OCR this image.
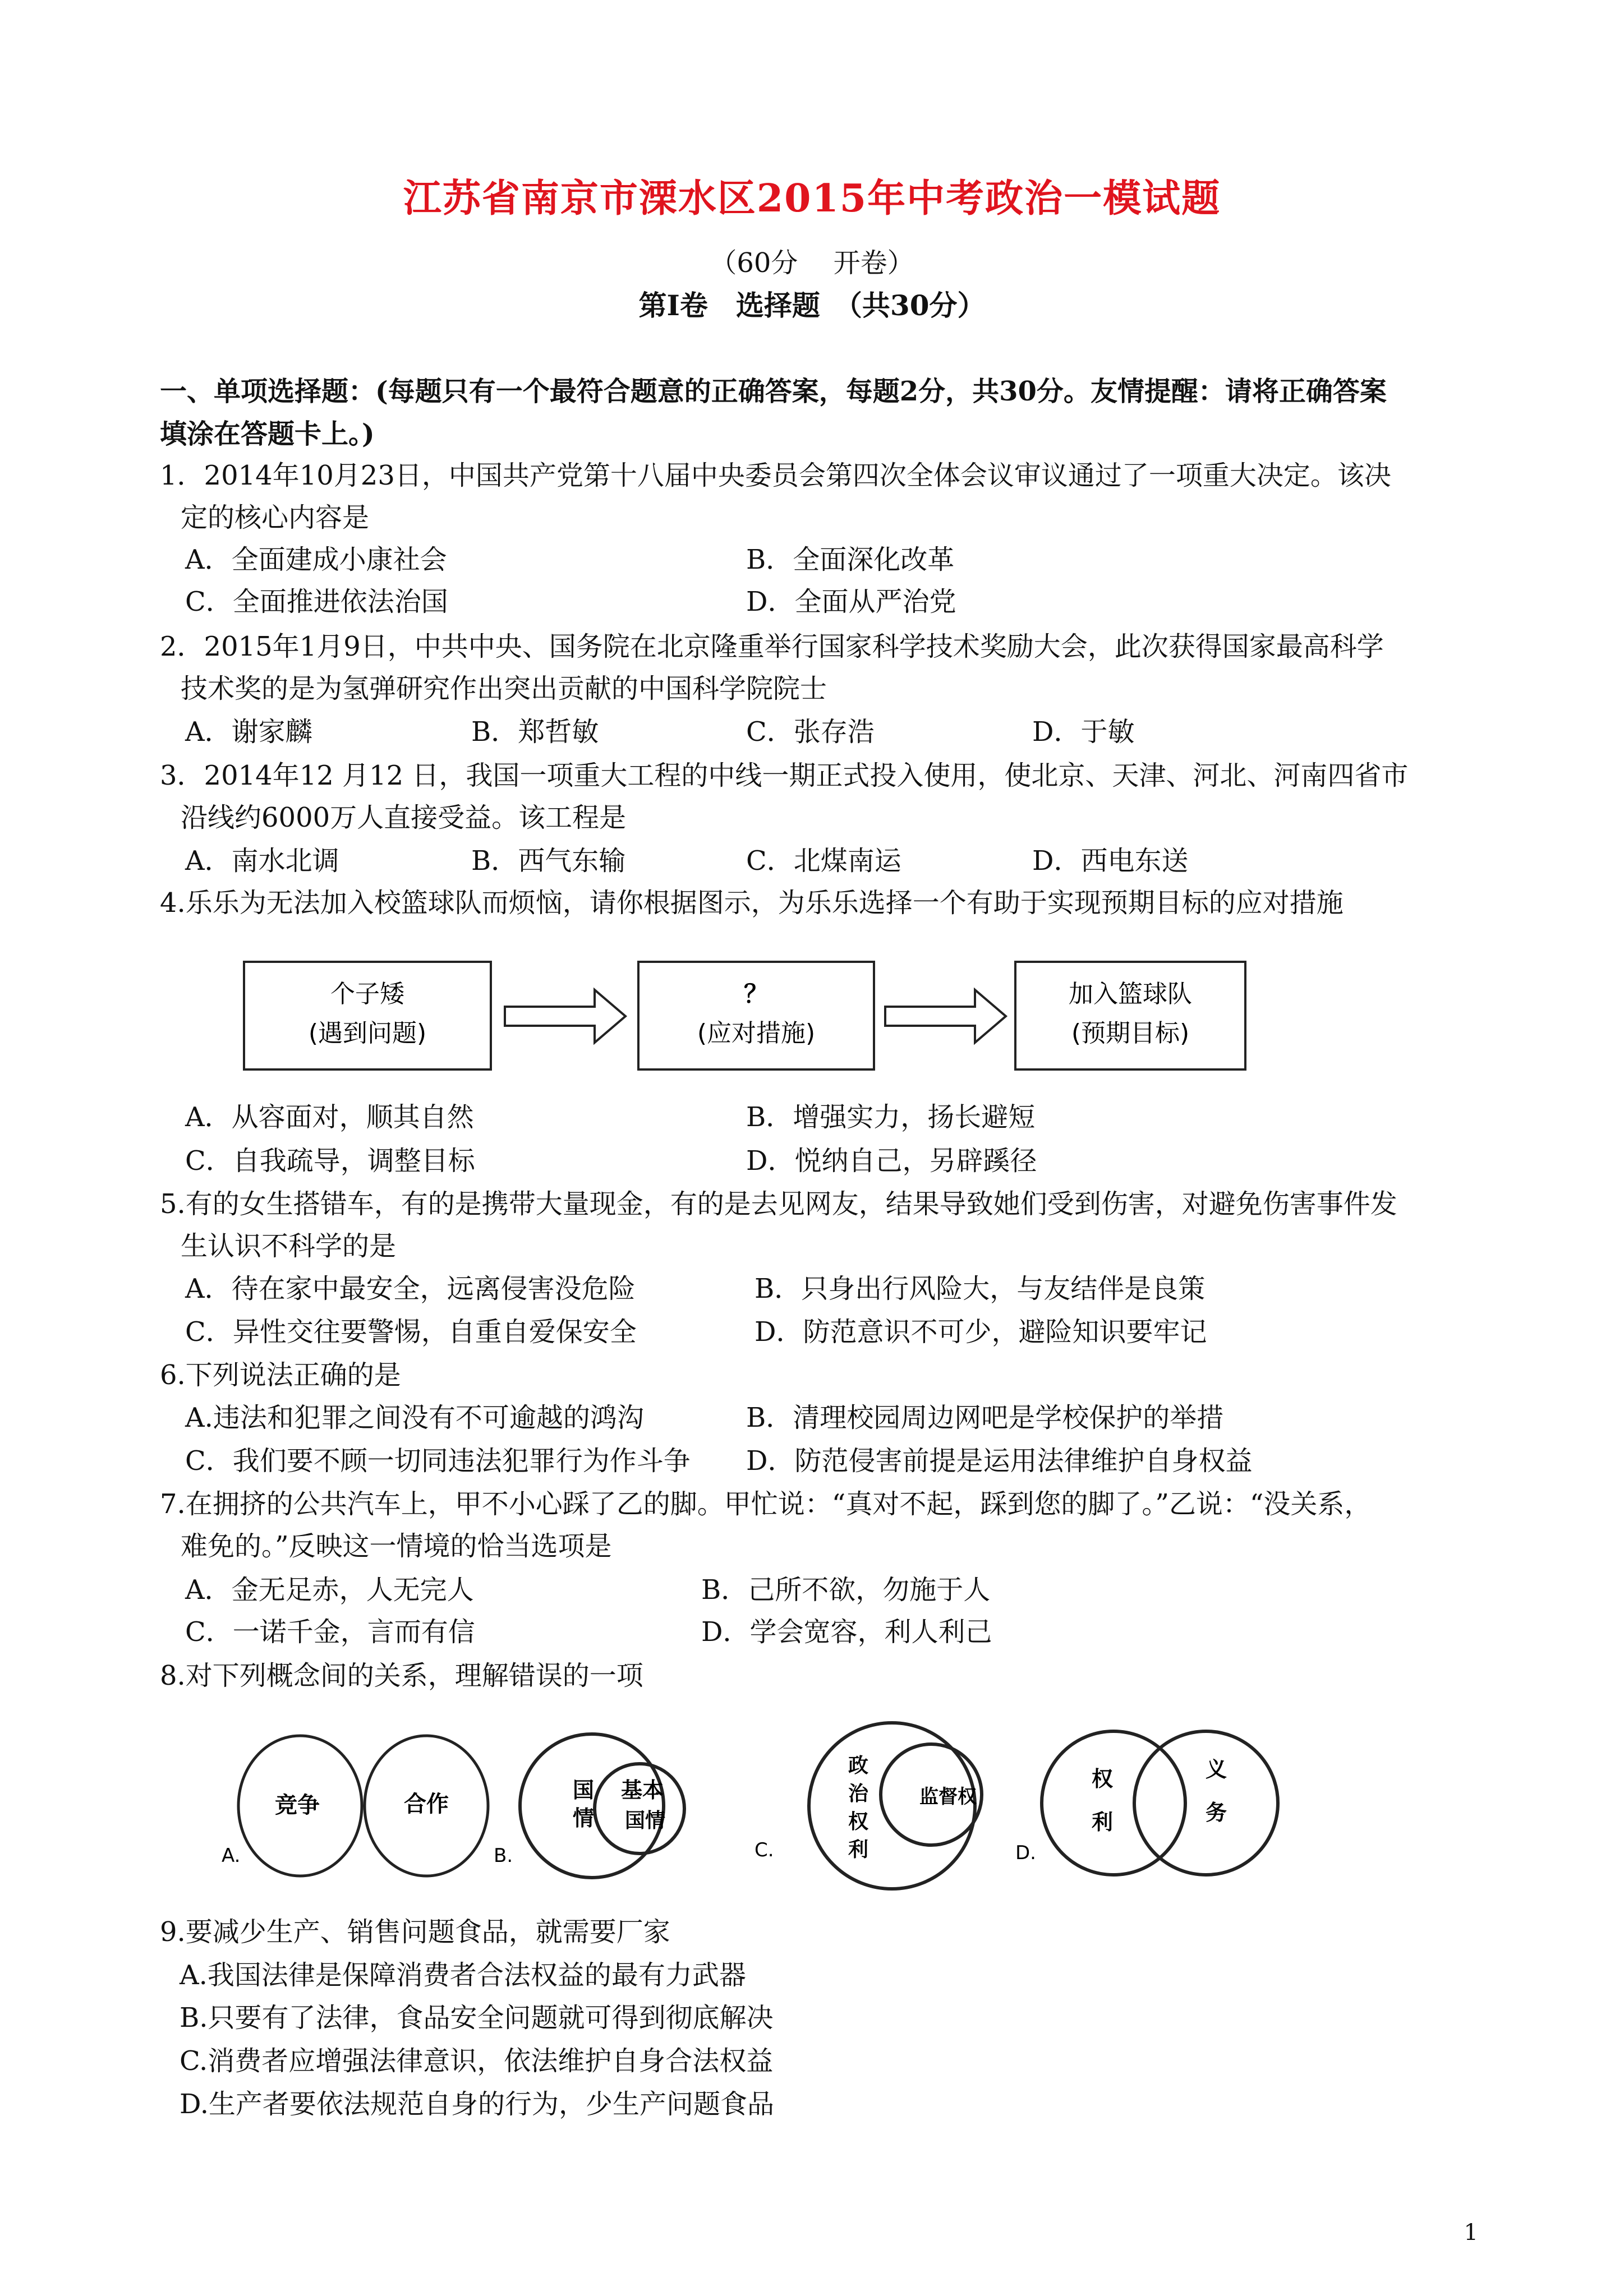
江苏省南京市溧水区2015年中考政治一模试题
（60分　 开卷）
第Ⅰ卷　选择题　（共30分）
一、单项选择题：(每题只有一个最符合题意的正确答案，每题2分，共30分。友情提醒：请将正确答案
填涂在答题卡上。)
1．2014年10月23日，中国共产党第十八届中央委员会第四次全体会议审议通过了一项重大决定。该决
定的核心内容是
A．全面建成小康社会	B．全面深化改革
C．全面推进依法治国	D．全面从严治党
2．2015年1月9日，中共中央、国务院在北京隆重举行国家科学技术奖励大会，此次获得国家最高科学
技术奖的是为氢弹研究作出突出贡献的中国科学院院士
A．谢家麟	B．郑哲敏	C．张存浩	D．于敏
3．2014年12 月12 日，我国一项重大工程的中线一期正式投入使用，使北京、天津、河北、河南四省市
沿线约6000万人直接受益。该工程是
A．南水北调	B．西气东输	C．北煤南运	D．西电东送
4.乐乐为无法加入校篮球队而烦恼，请你根据图示，为乐乐选择一个有助于实现预期目标的应对措施
个子矮
(遇到问题)
？
(应对措施)
加入篮球队
(预期目标)
竞争	合作
A.
国
情
基本
国情
B.
政
治
权
利
监督权
C.
权
利
义
务
D.
A．从容面对，顺其自然	B．增强实力，扬长避短
C．自我疏导，调整目标	D．悦纳自己，另辟蹊径
5.有的女生搭错车，有的是携带大量现金，有的是去见网友，结果导致她们受到伤害，对避免伤害事件发
生认识不科学的是
A．待在家中最安全，远离侵害没危险	B．只身出行风险大，与友结伴是良策
C．异性交往要警惕，自重自爱保安全	D．防范意识不可少，避险知识要牢记
6.下列说法正确的是
A.违法和犯罪之间没有不可逾越的鸿沟	B．清理校园周边网吧是学校保护的举措
C．我们要不顾一切同违法犯罪行为作斗争 D．防范侵害前提是运用法律维护自身权益
7.在拥挤的公共汽车上，甲不小心踩了乙的脚。甲忙说：“真对不起，踩到您的脚了。”乙说：“没关系，
难免的。”反映这一情境的恰当选项是
A．金无足赤，人无完人	B．己所不欲，勿施于人
C．一诺千金，言而有信	D．学会宽容，利人利己
8.对下列概念间的关系，理解错误的一项
9.要减少生产、销售问题食品，就需要厂家
A.我国法律是保障消费者合法权益的最有力武器
B.只要有了法律，食品安全问题就可得到彻底解决
C.消费者应增强法律意识，依法维护自身合法权益
D.生产者要依法规范自身的行为，少生产问题食品
1
